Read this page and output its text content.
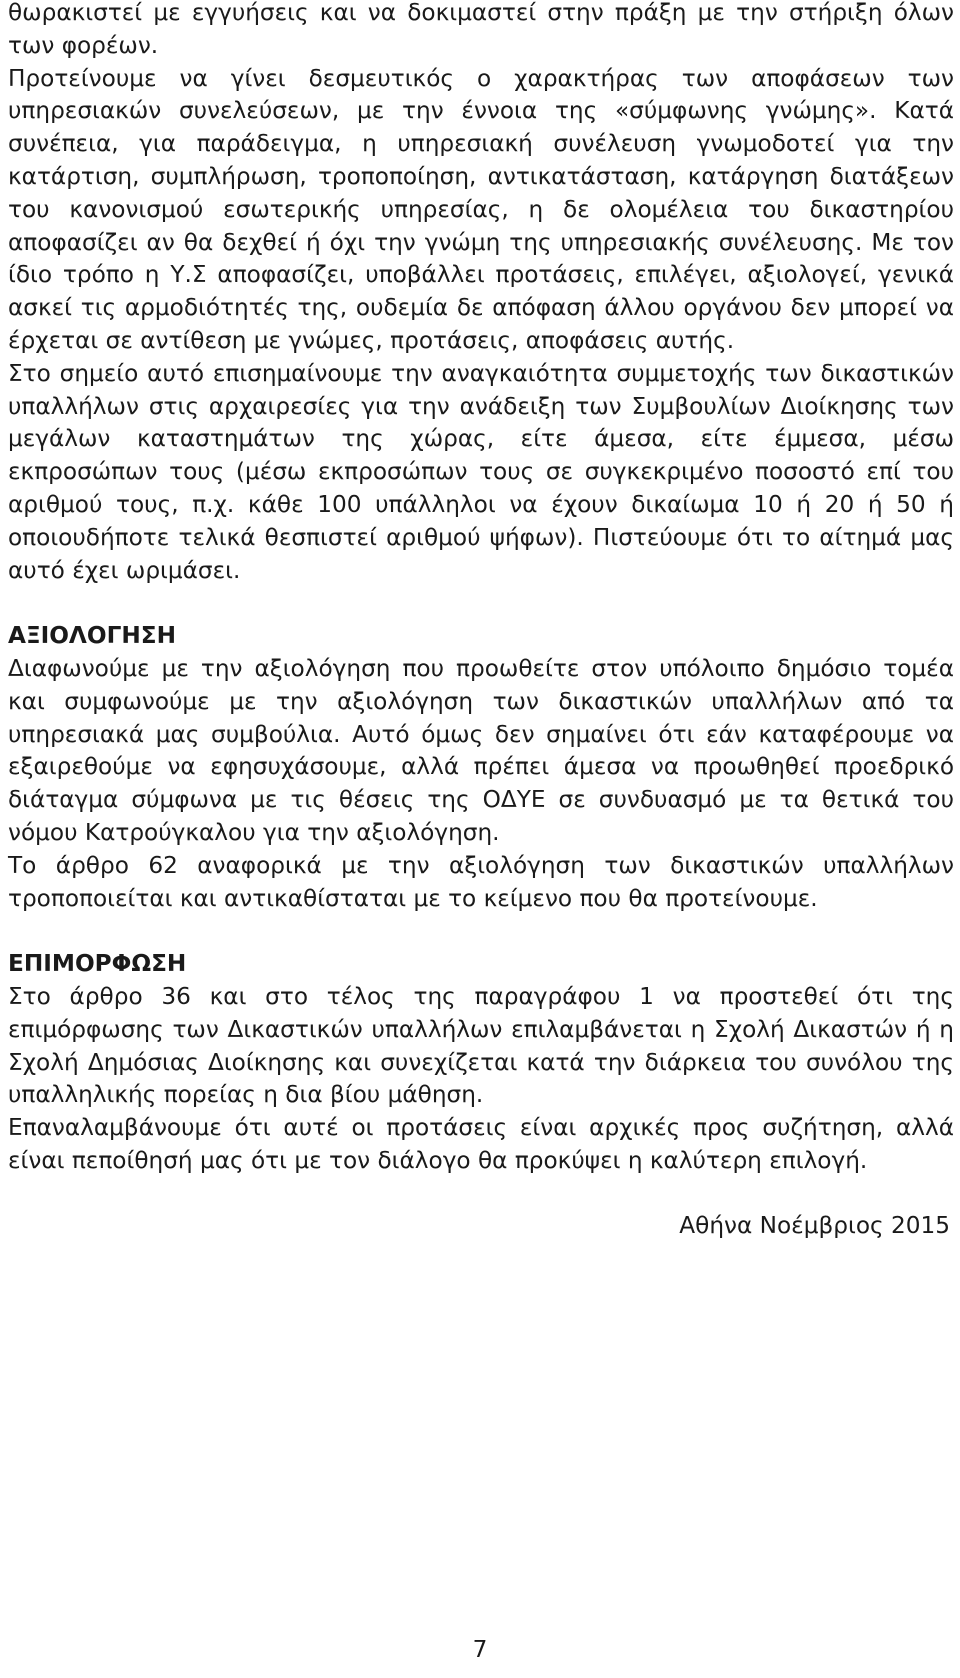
θωρακιστεί με εγγυήσεις και να δοκιμαστεί στην πράξη με την στήριξη όλων των φορέων.

Προτείνουμε να γίνει δεσμευτικός ο χαρακτήρας των αποφάσεων των υπηρεσιακών συνελεύσεων, με την έννοια της «σύμφωνης γνώμης». Κατά συνέπεια, για παράδειγμα, η υπηρεσιακή συνέλευση γνωμοδοτεί για την κατάρτιση, συμπλήρωση, τροποποίηση, αντικατάσταση, κατάργηση διατάξεων του κανονισμού εσωτερικής υπηρεσίας, η δε ολομέλεια του δικαστηρίου αποφασίζει αν θα δεχθεί ή όχι την γνώμη της υπηρεσιακής συνέλευσης. Με τον ίδιο τρόπο η Υ.Σ αποφασίζει, υποβάλλει προτάσεις, επιλέγει, αξιολογεί, γενικά ασκεί τις αρμοδιότητές της, ουδεμία δε απόφαση άλλου οργάνου δεν μπορεί να έρχεται σε αντίθεση με γνώμες, προτάσεις, αποφάσεις αυτής.

Στο σημείο αυτό επισημαίνουμε την αναγκαιότητα συμμετοχής των δικαστικών υπαλλήλων στις αρχαιρεσίες για την ανάδειξη των Συμβουλίων Διοίκησης των μεγάλων καταστημάτων της χώρας, είτε άμεσα, είτε έμμεσα, μέσω εκπροσώπων τους (μέσω εκπροσώπων τους σε συγκεκριμένο ποσοστό επί του αριθμού τους, π.χ. κάθε 100 υπάλληλοι να έχουν δικαίωμα 10 ή 20 ή 50 ή οποιουδήποτε τελικά θεσπιστεί αριθμού ψήφων). Πιστεύουμε ότι το αίτημά μας αυτό έχει ωριμάσει.

ΑΞΙΟΛΟΓΗΣΗ

Διαφωνούμε με την αξιολόγηση που προωθείτε στον υπόλοιπο δημόσιο τομέα και συμφωνούμε με την αξιολόγηση των δικαστικών υπαλλήλων από τα υπηρεσιακά μας συμβούλια. Αυτό όμως δεν σημαίνει ότι εάν καταφέρουμε να εξαιρεθούμε να εφησυχάσουμε, αλλά πρέπει άμεσα να προωθηθεί προεδρικό διάταγμα σύμφωνα με τις θέσεις της ΟΔΥΕ σε συνδυασμό με τα θετικά του νόμου Κατρούγκαλου για την αξιολόγηση.

Το άρθρο 62 αναφορικά με την αξιολόγηση των δικαστικών υπαλλήλων τροποποιείται και αντικαθίσταται με το κείμενο που θα προτείνουμε.

ΕΠΙΜΟΡΦΩΣΗ

Στο άρθρο 36 και στο τέλος της παραγράφου 1 να προστεθεί ότι της επιμόρφωσης των Δικαστικών υπαλλήλων επιλαμβάνεται η Σχολή Δικαστών ή η Σχολή Δημόσιας Διοίκησης και συνεχίζεται κατά την διάρκεια του συνόλου της υπαλληλικής πορείας η δια βίου μάθηση.

Επαναλαμβάνουμε ότι αυτέ οι προτάσεις είναι αρχικές προς συζήτηση, αλλά είναι πεποίθησή μας ότι με τον διάλογο θα προκύψει η καλύτερη επιλογή.

Αθήνα Νοέμβριος 2015

7
